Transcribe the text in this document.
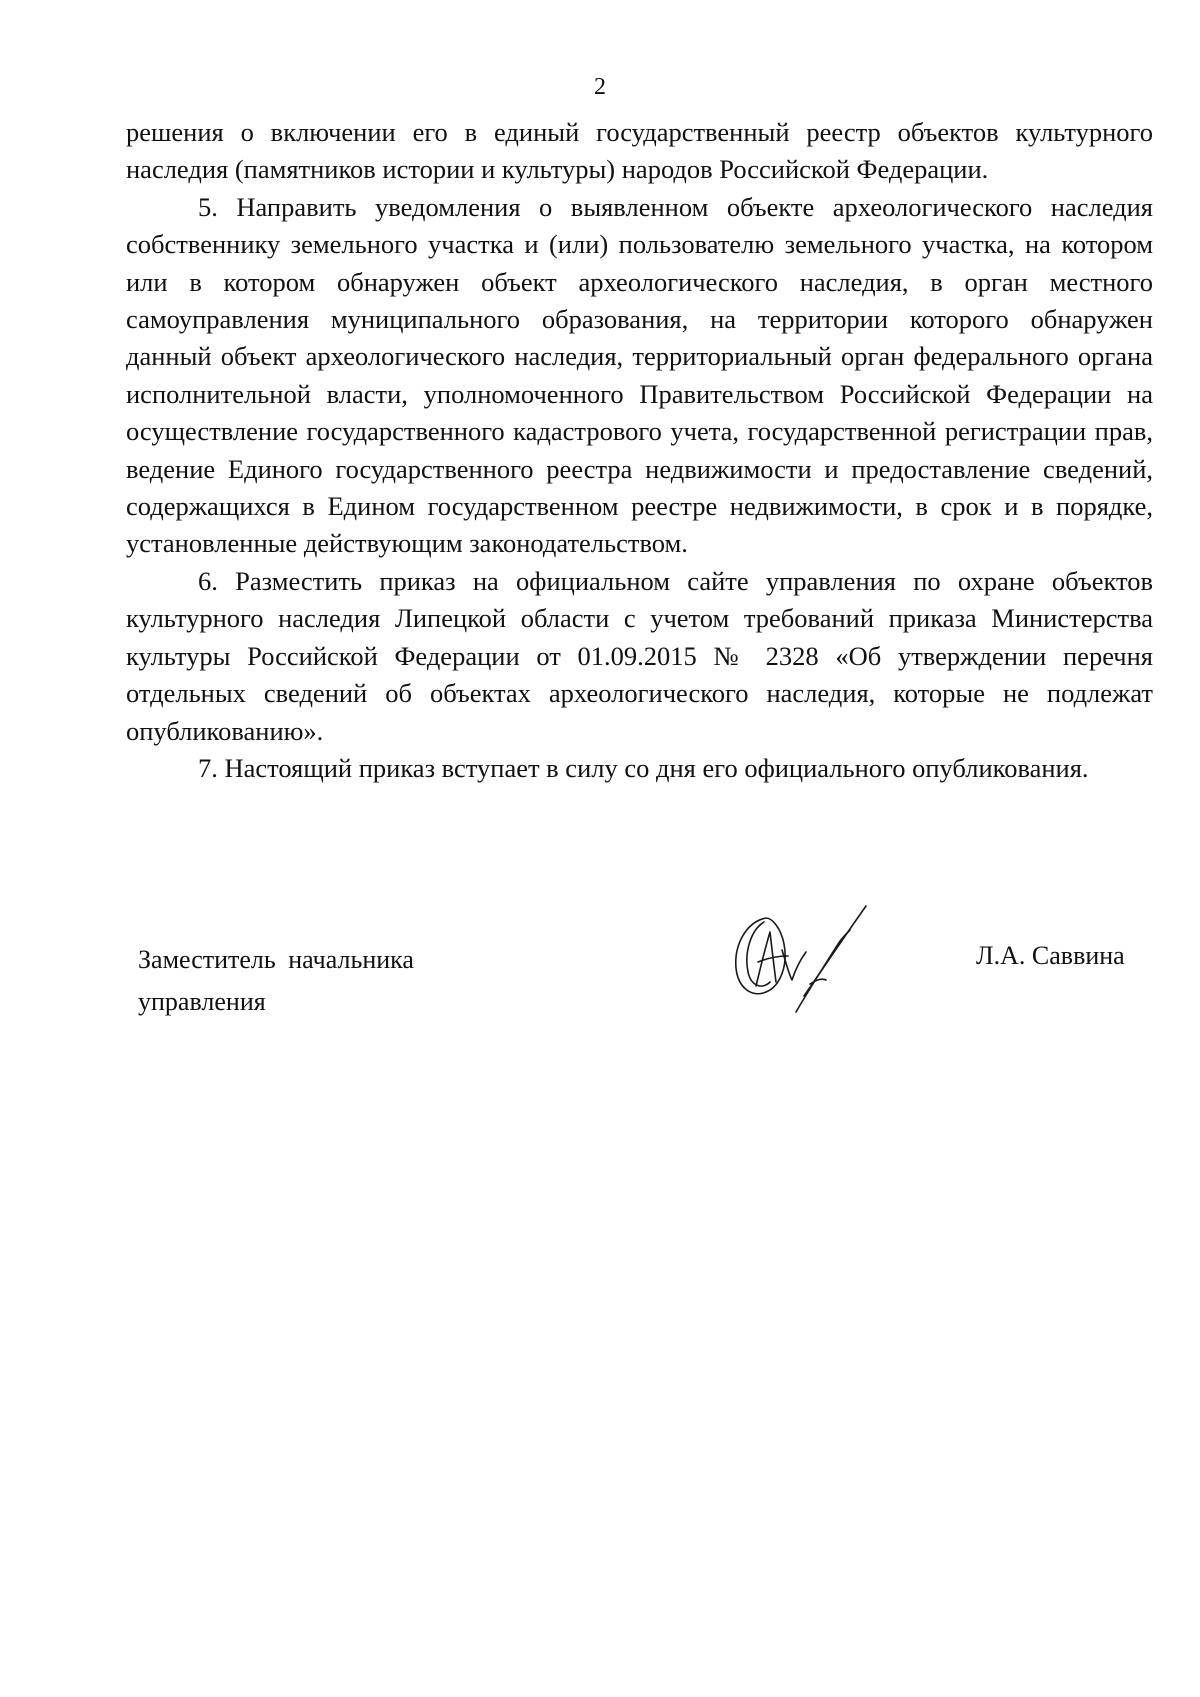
2

решения о включении его в единый государственный реестр объектов культурного наследия (памятников истории и культуры) народов Российской Федерации.

5. Направить уведомления о выявленном объекте археологического наследия собственнику земельного участка и (или) пользователю земельного участка, на котором или в котором обнаружен объект археологического наследия, в орган местного самоуправления муниципального образования, на территории которого обнаружен данный объект археологического наследия, территориальный орган федерального органа исполнительной власти, уполномоченного Правительством Российской Федерации на осуществление государственного кадастрового учета, государственной регистрации прав, ведение Единого государственного реестра недвижимости и предоставление сведений, содержащихся в Едином государственном реестре недвижимости, в срок и в порядке, установленные действующим законодательством.

6. Разместить приказ на официальном сайте управления по охране объектов культурного наследия Липецкой области с учетом требований приказа Министерства культуры Российской Федерации от 01.09.2015 № 2328 «Об утверждении перечня отдельных сведений об объектах археологического наследия, которые не подлежат опубликованию».

7. Настоящий приказ вступает в силу со дня его официального опубликования.

Заместитель начальника
управления
Л.А. Саввина
